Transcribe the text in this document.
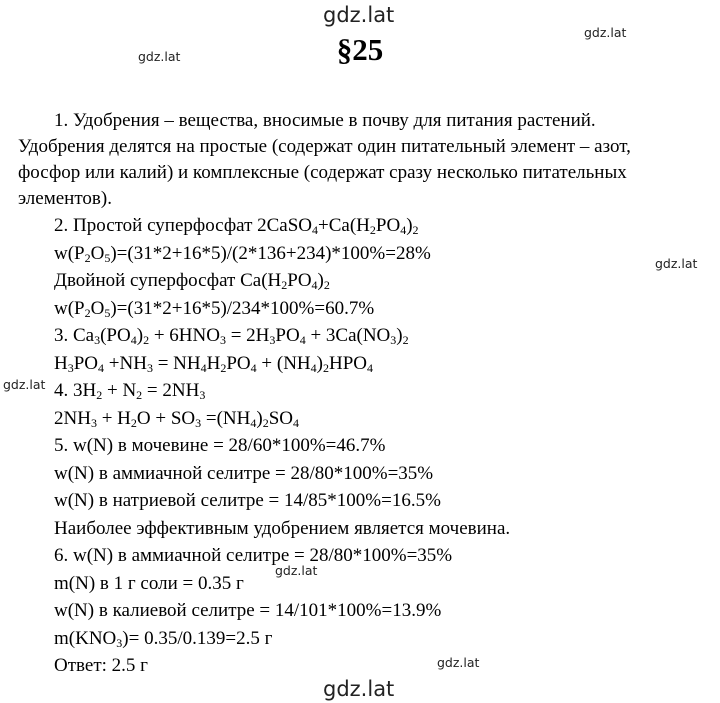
gdz.lat
gdz.lat
gdz.lat
gdz.lat
gdz.lat
gdz.lat
gdz.lat
gdz.lat
§25
1. Удобрения – вещества, вносимые в почву для питания растений.
Удобрения делятся на простые (содержат один питательный элемент – азот,
фосфор или калий) и комплексные (содержат сразу несколько питательных
элементов).
2. Простой суперфосфат $2CaSO_4+Ca(H_2PO_4)_2$
$w(P_2O_5)=(31*2+16*5)/(2*136+234)*100\%=28\%$
Двойной суперфосфат $Ca(H_2PO_4)_2$
$w(P_2O_5)=(31*2+16*5)/234*100\%=60.7\%$
3. $Ca_3(PO_4)_2 + 6HNO_3 = 2H_3PO_4 + 3Ca(NO_3)_2$
$H_3PO_4 +NH_3 = NH_4H_2PO_4 + (NH_4)_2HPO_4$
4. $3H_2 + N_2 = 2NH_3$
$2NH_3 + H_2O + SO_3 =(NH_4)_2SO_4$
5. w(N) в мочевине = 28/60*100%=46.7%
w(N) в аммиачной селитре = 28/80*100%=35%
w(N) в натриевой селитре = 14/85*100%=16.5%
Наиболее эффективным удобрением является мочевина.
6. w(N) в аммиачной селитре = 28/80*100%=35%
m(N) в 1 г соли = 0.35 г
w(N) в калиевой селитре = 14/101*100%=13.9%
$m(KNO_3)= 0.35/0.139=2.5$ г
Ответ: 2.5 г
